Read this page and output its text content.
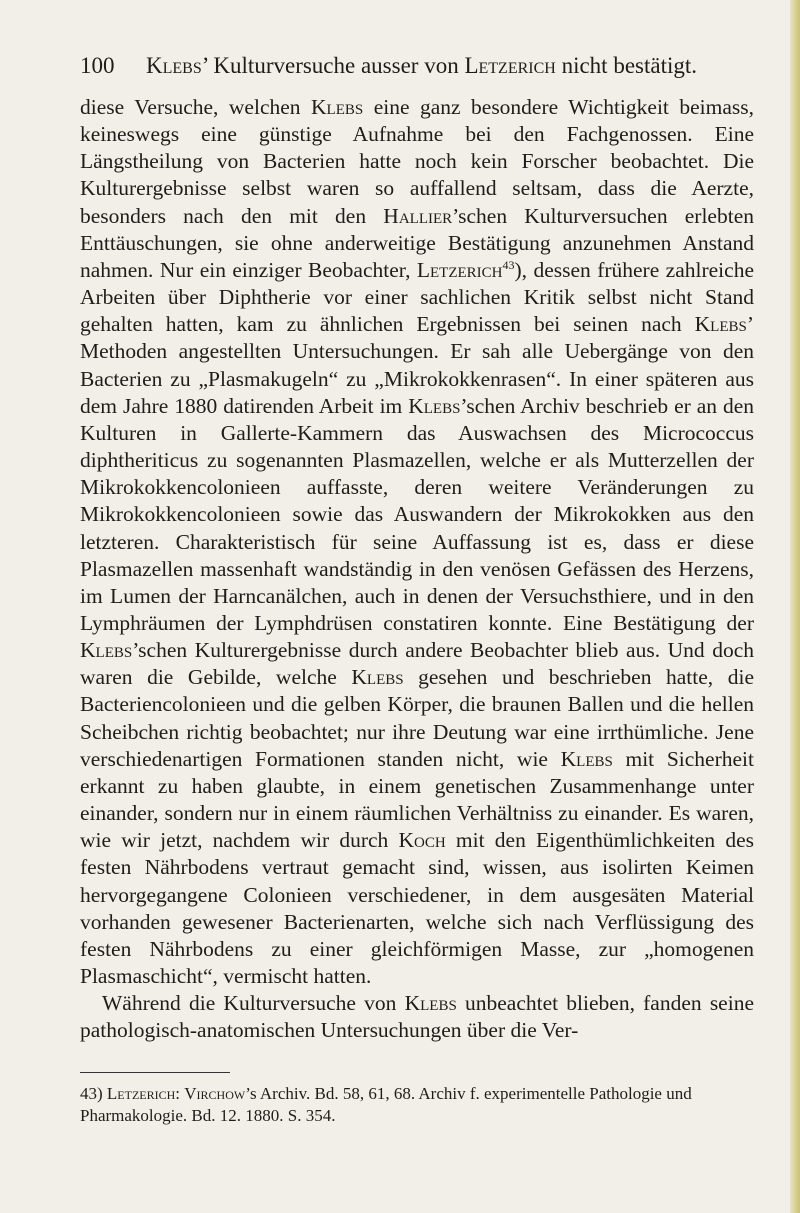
100 Klebs’ Kulturversuche ausser von Letzerich nicht bestätigt.

diese Versuche, welchen Klebs eine ganz besondere Wichtigkeit beimass, keineswegs eine günstige Aufnahme bei den Fachgenossen. Eine Längstheilung von Bacterien hatte noch kein Forscher beobachtet. Die Kulturergebnisse selbst waren so auffallend seltsam, dass die Aerzte, besonders nach den mit den Hallier’schen Kulturversuchen erlebten Enttäuschungen, sie ohne anderweitige Bestätigung anzunehmen Anstand nahmen. Nur ein einziger Beobachter, Letzerich$^{43}$), dessen frühere zahlreiche Arbeiten über Diphtherie vor einer sachlichen Kritik selbst nicht Stand gehalten hatten, kam zu ähnlichen Ergebnissen bei seinen nach Klebs’ Methoden angestellten Untersuchungen. Er sah alle Uebergänge von den Bacterien zu „Plasmakugeln“ zu „Mikrokokkenrasen“. In einer späteren aus dem Jahre 1880 datirenden Arbeit im Klebs’schen Archiv beschrieb er an den Kulturen in Gallerte-Kammern das Auswachsen des Micrococcus diphtheriticus zu sogenannten Plasmazellen, welche er als Mutterzellen der Mikrokokkencolonieen auffasste, deren weitere Veränderungen zu Mikrokokkencolonieen sowie das Auswandern der Mikrokokken aus den letzteren. Charakteristisch für seine Auffassung ist es, dass er diese Plasmazellen massenhaft wandständig in den venösen Gefässen des Herzens, im Lumen der Harncanälchen, auch in denen der Versuchsthiere, und in den Lymphräumen der Lymphdrüsen constatiren konnte. Eine Bestätigung der Klebs’schen Kulturergebnisse durch andere Beobachter blieb aus. Und doch waren die Gebilde, welche Klebs gesehen und beschrieben hatte, die Bacteriencolonieen und die gelben Körper, die braunen Ballen und die hellen Scheibchen richtig beobachtet; nur ihre Deutung war eine irrthümliche. Jene verschiedenartigen Formationen standen nicht, wie Klebs mit Sicherheit erkannt zu haben glaubte, in einem genetischen Zusammenhange unter einander, sondern nur in einem räumlichen Verhältniss zu einander. Es waren, wie wir jetzt, nachdem wir durch Koch mit den Eigenthümlichkeiten des festen Nährbodens vertraut gemacht sind, wissen, aus isolirten Keimen hervorgegangene Colonieen verschiedener, in dem ausgesäten Material vorhanden gewesener Bacterienarten, welche sich nach Verflüssigung des festen Nährbodens zu einer gleichförmigen Masse, zur „homogenen Plasmaschicht“, vermischt hatten.

Während die Kulturversuche von Klebs unbeachtet blieben, fanden seine pathologisch-anatomischen Untersuchungen über die Ver-

43) Letzerich: Virchow’s Archiv. Bd. 58, 61, 68. Archiv f. experimentelle Pathologie und Pharmakologie. Bd. 12. 1880. S. 354.
